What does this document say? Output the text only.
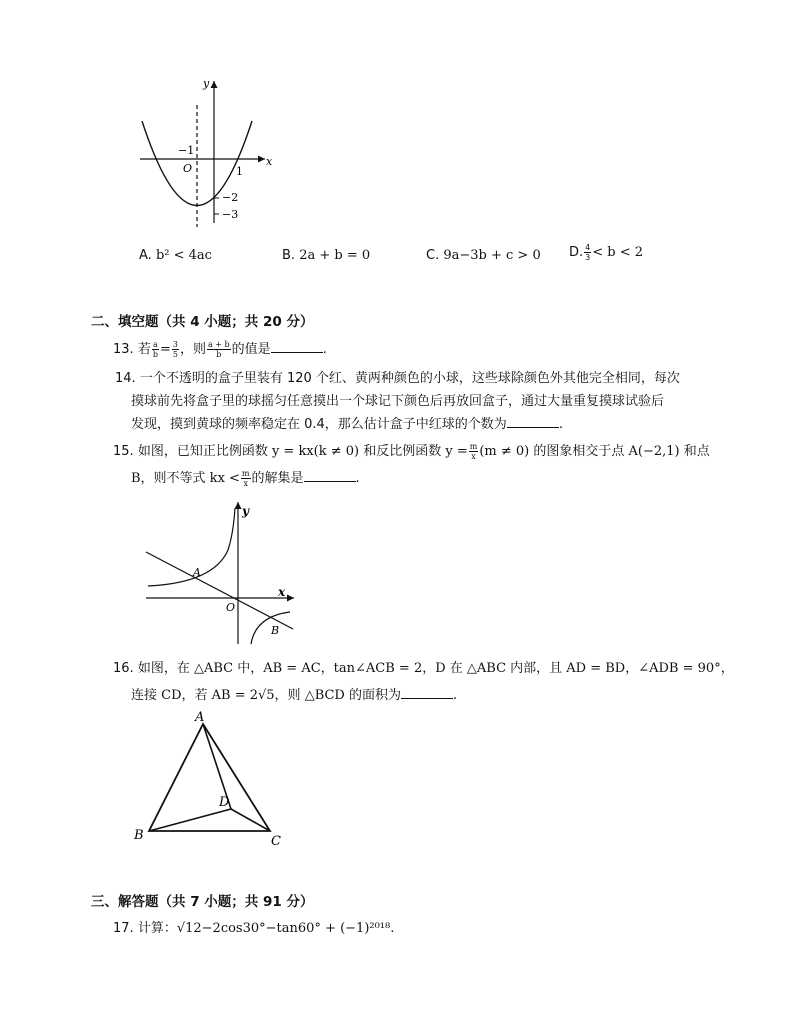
y
x
−1
O	1
−2
−3
A. b² < 4ac	B. 2a + b = 0	C. 9a−3b + c > 0 D. $\frac{4}{3} < b < 2$
二、填空题（共 4 小题；共 20 分）
13. 若 $\frac{a}{b} = \frac{3}{5}$ ，则 $\frac{a + b}{b}$ 的值是	.
14. 一个不透明的盒子里装有 120 个红、黄两种颜色的小球，这些球除颜色外其他完全相同，每次
摸球前先将盒子里的球摇匀任意摸出一个球记下颜色后再放回盒子，通过大量重复摸球试验后
发现，摸到黄球的频率稳定在 0.4，那么估计盒子中红球的个数为	.
15. 如图，已知正比例函数 y = kx(k ≠ 0) 和反比例函数 $y = \frac{m}{x} (m \ne 0)$ 的图象相交于点 A(−2,1) 和点
B，则不等式 kx < $\frac{m}{x}$ 的解集是	.
y
x
O
A
B
16. 如图，在 △ABC 中，AB = AC，tan∠ACB = 2，D 在 △ABC 内部，且 AD = BD，∠ADB = 90°，
连接 CD，若 AB = 2√5，则 △BCD 的面积为	.
A
B	C
D
三、解答题（共 7 小题；共 91 分）
17. 计算：√12−2cos30°−tan60° + (−1)²⁰¹⁸.
